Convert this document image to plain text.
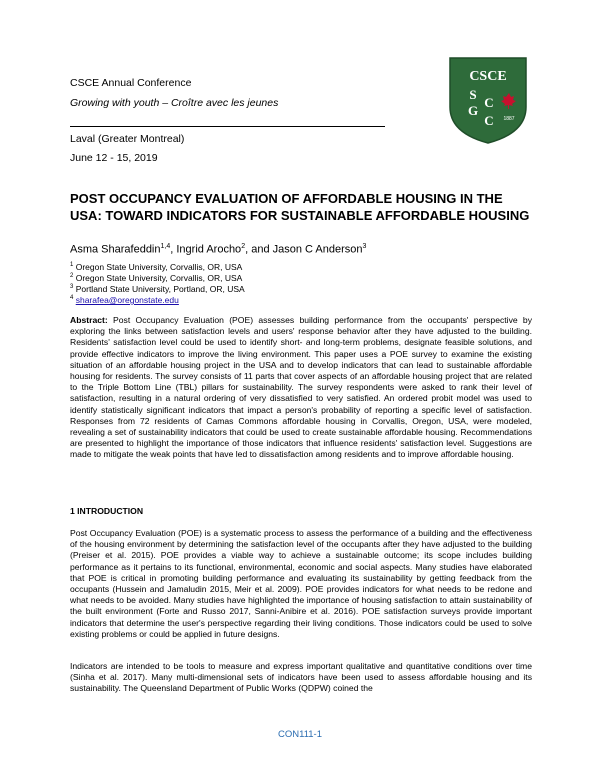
CSCE Annual Conference
Growing with youth – Croître avec les jeunes
Laval (Greater Montreal)
June 12 - 15, 2019
CSCE
S
G
C
C 1887
POST OCCUPANCY EVALUATION OF AFFORDABLE HOUSING IN THE
USA: TOWARD INDICATORS FOR SUSTAINABLE AFFORDABLE HOUSING
Asma Sharafeddin$^{1,4}$, Ingrid Arocho$^2$, and Jason C Anderson$^3$
$^1$ Oregon State University, Corvallis, OR, USA
$^2$ Oregon State University, Corvallis, OR, USA
$^3$ Portland State University, Portland, OR, USA
$^4$ sharafea@oregonstate.edu
Abstract: Post Occupancy Evaluation (POE) assesses building performance from the occupants' perspective by exploring the links between satisfaction levels and users' response behavior after they have adjusted to the building. Residents' satisfaction level could be used to identify short- and long-term problems, designate feasible solutions, and provide effective indicators to improve the living environment. This paper uses a POE survey to examine the existing situation of an affordable housing project in the USA and to develop indicators that can lead to sustainable affordable housing for residents. The survey consists of 11 parts that cover aspects of an affordable housing project that are related to the Triple Bottom Line (TBL) pillars for sustainability. The survey respondents were asked to rank their level of satisfaction, resulting in a natural ordering of very dissatisfied to very satisfied. An ordered probit model was used to identify statistically significant indicators that impact a person's probability of reporting a specific level of satisfaction. Responses from 72 residents of Camas Commons affordable housing in Corvallis, Oregon, USA, were modeled, revealing a set of sustainability indicators that could be used to create sustainable affordable housing. Recommendations are presented to highlight the importance of those indicators that influence residents' satisfaction level. Suggestions are made to mitigate the weak points that have led to dissatisfaction among residents and to improve affordable housing.
1 INTRODUCTION
Post Occupancy Evaluation (POE) is a systematic process to assess the performance of a building and the effectiveness of the housing environment by determining the satisfaction level of the occupants after they have adjusted to the building (Preiser et al. 2015). POE provides a viable way to achieve a sustainable outcome; its scope includes building performance as it pertains to its functional, environmental, economic and social aspects. Many studies have elaborated that POE is critical in promoting building performance and evaluating its sustainability by getting feedback from the occupants (Hussein and Jamaludin 2015, Meir et al. 2009). POE provides indicators for what needs to be redone and what needs to be avoided. Many studies have highlighted the importance of housing satisfaction to attain sustainability of the built environment (Forte and Russo 2017, Sanni-Anibire et al. 2016). POE satisfaction surveys provide important indicators that determine the user's perspective regarding their living conditions. Those indicators could be used to solve existing problems or could be applied in future designs.
Indicators are intended to be tools to measure and express important qualitative and quantitative conditions over time (Sinha et al. 2017). Many multi-dimensional sets of indicators have been used to assess affordable housing and its sustainability. The Queensland Department of Public Works (QDPW) coined the
CON111-1
